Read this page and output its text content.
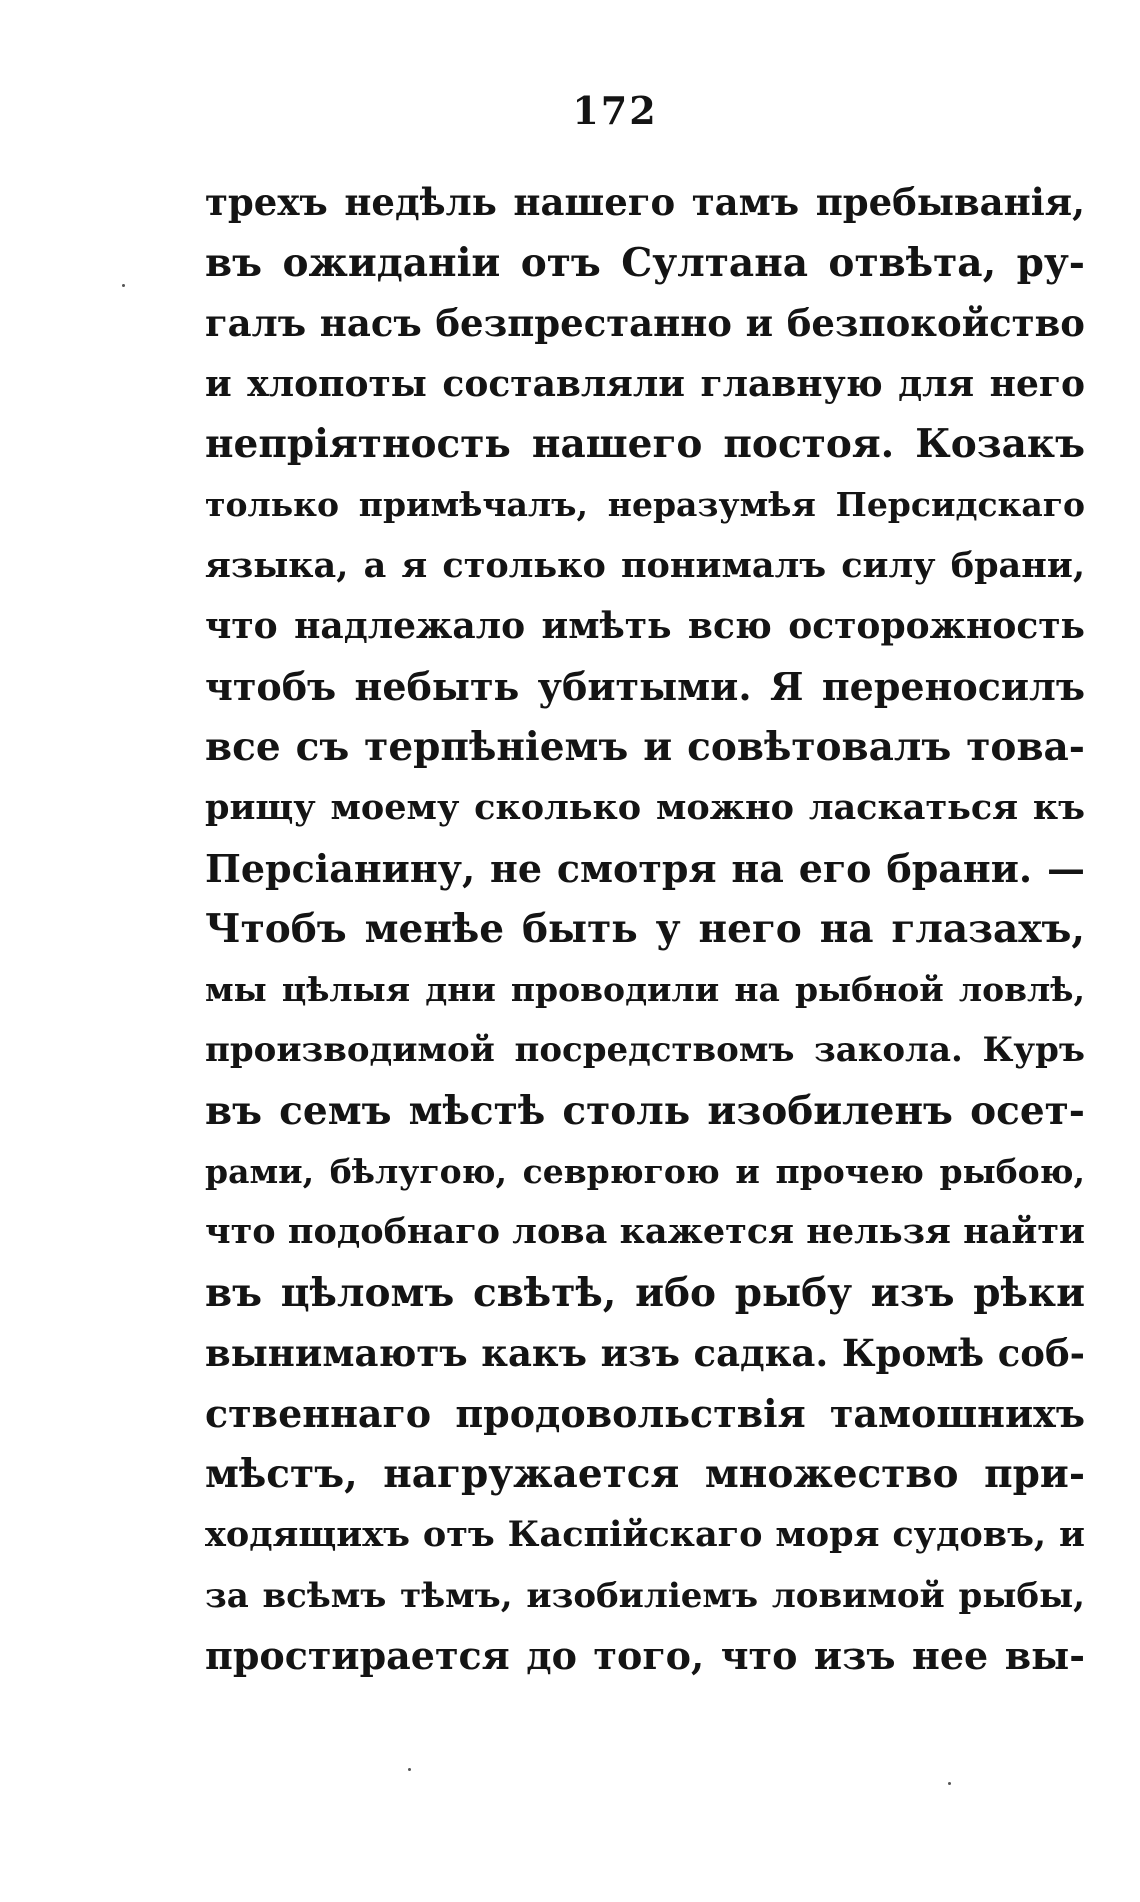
172
трехъ недѣль нашего тамъ пребыванія,
въ ожиданіи отъ Султана отвѣта, ру-
галъ насъ безпрестанно и безпокойство
и хлопоты составляли главную для него
непріятность нашего постоя. Козакъ
только примѣчалъ, неразумѣя Персидскаго
языка, а я столько понималъ силу брани,
что надлежало имѣть всю осторожность
чтобъ небыть убитыми. Я переносилъ
все съ терпѣніемъ и совѣтовалъ това-
рищу моему сколько можно ласкаться къ
Персіанину, не смотря на его брани. —
Чтобъ менѣе быть у него на глазахъ,
мы цѣлыя дни проводили на рыбной ловлѣ,
производимой посредствомъ закола. Куръ
въ семъ мѣстѣ столь изобиленъ осет-
рами, бѣлугою, севрюгою и прочею рыбою,
что подобнаго лова кажется нельзя найти
въ цѣломъ свѣтѣ, ибо рыбу изъ рѣки
вынимаютъ какъ изъ садка. Кромѣ соб-
ственнаго продовольствія тамошнихъ
мѣстъ, нагружается множество при-
ходящихъ отъ Каспійскаго моря судовъ, и
за всѣмъ тѣмъ, изобиліемъ ловимой рыбы,
простирается до того, что изъ нее вы-
